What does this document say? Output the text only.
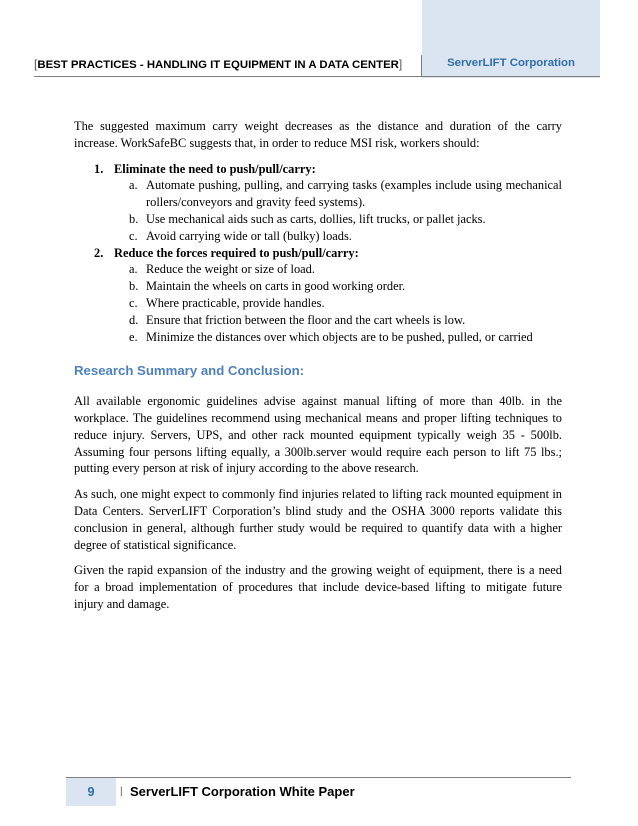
[BEST PRACTICES - HANDLING IT EQUIPMENT IN A DATA CENTER]	ServerLIFT Corporation

The suggested maximum carry weight decreases as the distance and duration of the carry increase. WorkSafeBC suggests that, in order to reduce MSI risk, workers should:

1. Eliminate the need to push/pull/carry:
a. Automate pushing, pulling, and carrying tasks (examples include using mechanical rollers/conveyors and gravity feed systems).
b. Use mechanical aids such as carts, dollies, lift trucks, or pallet jacks.
c. Avoid carrying wide or tall (bulky) loads.
2. Reduce the forces required to push/pull/carry:
a. Reduce the weight or size of load.
b. Maintain the wheels on carts in good working order.
c. Where practicable, provide handles.
d. Ensure that friction between the floor and the cart wheels is low.
e. Minimize the distances over which objects are to be pushed, pulled, or carried
Research Summary and Conclusion:

All available ergonomic guidelines advise against manual lifting of more than 40lb. in the workplace. The guidelines recommend using mechanical means and proper lifting techniques to reduce injury. Servers, UPS, and other rack mounted equipment typically weigh 35 - 500lb. Assuming four persons lifting equally, a 300lb.server would require each person to lift 75 lbs.; putting every person at risk of injury according to the above research.

As such, one might expect to commonly find injuries related to lifting rack mounted equipment in Data Centers. ServerLIFT Corporation’s blind study and the OSHA 3000 reports validate this conclusion in general, although further study would be required to quantify data with a higher degree of statistical significance.

Given the rapid expansion of the industry and the growing weight of equipment, there is a need for a broad implementation of procedures that include device-based lifting to mitigate future injury and damage.

9	| ServerLIFT Corporation White Paper
